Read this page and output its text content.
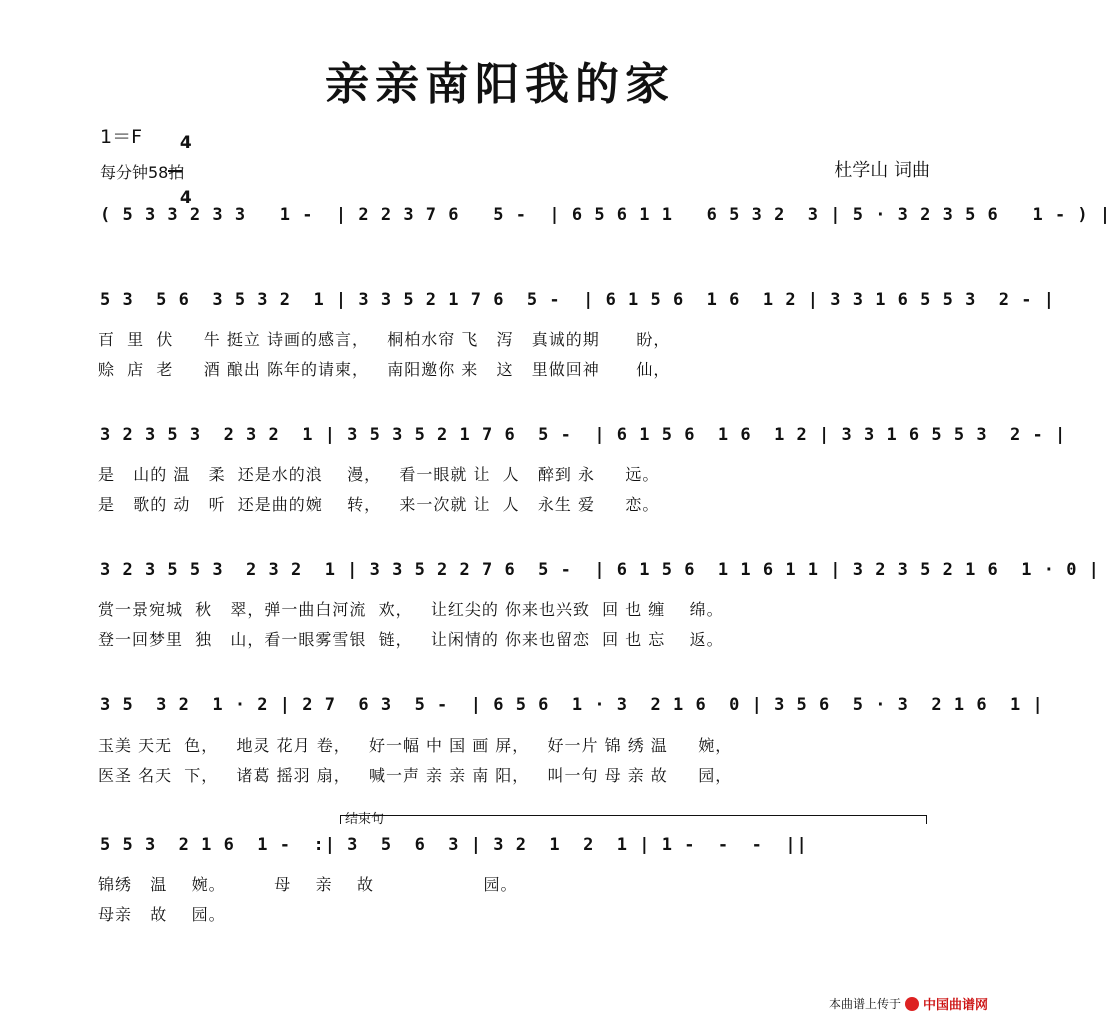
亲亲南阳我的家
1＝F	4

4

每分钟58拍	杜学山 词曲
( 5 3 3 2 3 3   1 -  | 2 2 3 7 6   5 -  | 6 5 6 1 1   6 5 3 2  3 | 5 · 3 2 3 5 6   1 - ) |
5 3  5 6  3 5 3 2  1 | 3 3 5 2 1 7 6  5 -  | 6 1 5 6  1 6  1 2 | 3 3 1 6 5 5 3  2 - |
百  里  伏     牛 挺立 诗画的感言，   桐柏水帘 飞   泻   真诚的期      盼，
赊  店  老     酒 酿出 陈年的请柬，   南阳邀你 来   这   里做回神      仙，
3 2 3 5 3  2 3 2  1 | 3 5 3 5 2 1 7 6  5 -  | 6 1 5 6  1 6  1 2 | 3 3 1 6 5 5 3  2 - |
是   山的 温   柔  还是水的浪    漫，   看一眼就 让  人   醉到 永     远。
是   歌的 动   听  还是曲的婉    转，   来一次就 让  人   永生 爱     恋。
3 2 3 5 5 3  2 3 2  1 | 3 3 5 2 2 7 6  5 -  | 6 1 5 6  1 1 6 1 1 | 3 2 3 5 2 1 6  1 · 0 |
赏一景宛城  秋   翠，弹一曲白河流  欢，   让红尖的 你来也兴致  回 也 缠    绵。
登一回梦里  独   山，看一眼雾雪银  链，   让闲情的 你来也留恋  回 也 忘    返。
3 5  3 2  1 · 2 | 2 7  6 3  5 -  | 6 5 6  1 · 3  2 1 6  0 | 3 5 6  5 · 3  2 1 6  1 |
玉美 天无  色，   地灵 花月 卷，   好一幅 中 国 画 屏，   好一片 锦 绣 温     婉，
医圣 名天  下，   诸葛 摇羽 扇，   喊一声 亲 亲 南 阳，   叫一句 母 亲 故     园，
结束句
5 5 3  2 1 6  1 -  :| 3  5  6  3 | 3 2  1  2  1 | 1 -  -  -  ||
锦绣   温    婉。        母    亲    故                  园。
母亲   故    园。
本曲谱上传于 中国曲谱网
